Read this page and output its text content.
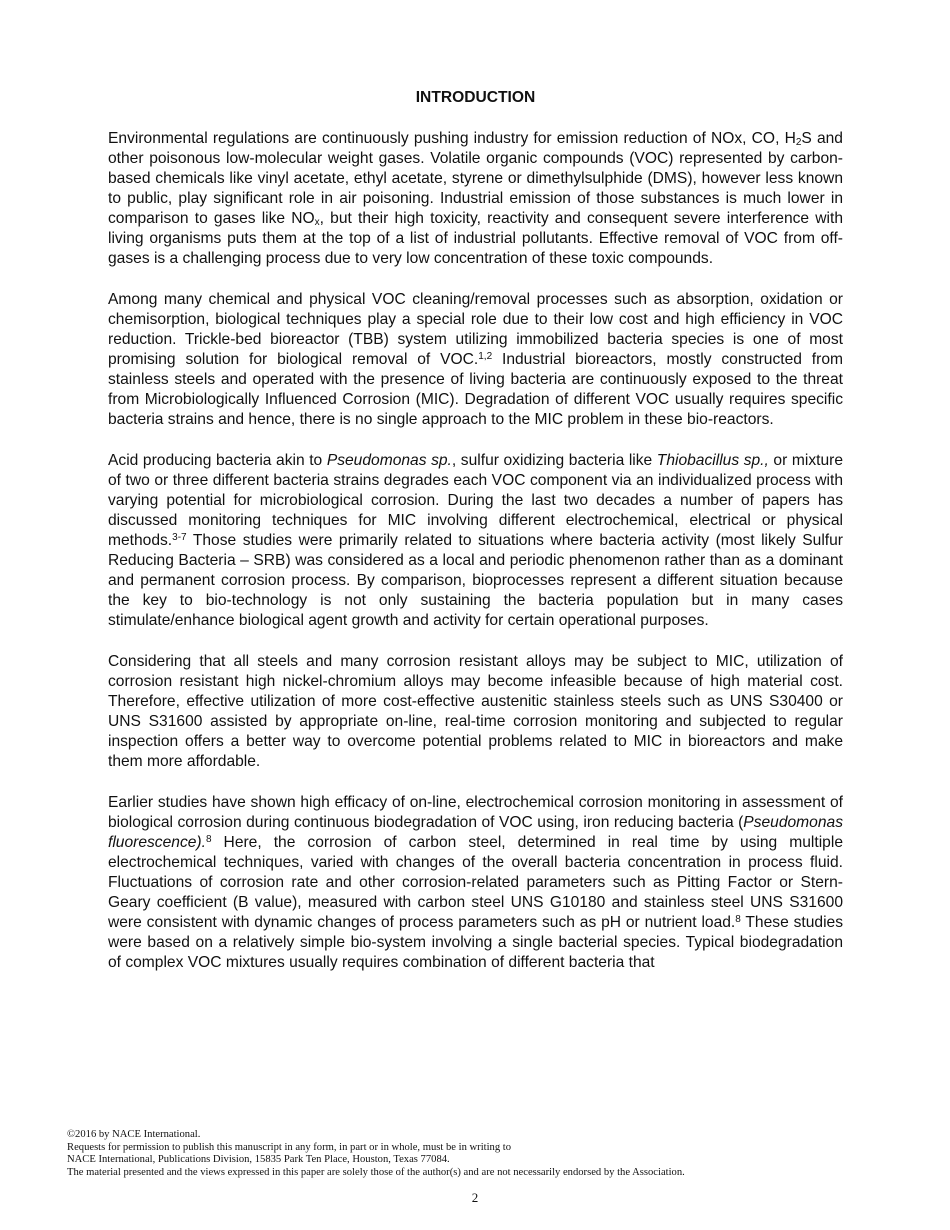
INTRODUCTION

Environmental regulations are continuously pushing industry for emission reduction of NOx, CO, $H_2S$ and other poisonous low-molecular weight gases. Volatile organic compounds (VOC) represented by carbon-based chemicals like vinyl acetate, ethyl acetate, styrene or dimethylsulphide (DMS), however less known to public, play significant role in air poisoning. Industrial emission of those substances is much lower in comparison to gases like $NO_x$, but their high toxicity, reactivity and consequent severe interference with living organisms puts them at the top of a list of industrial pollutants. Effective removal of VOC from off-gases is a challenging process due to very low concentration of these toxic compounds.

Among many chemical and physical VOC cleaning/removal processes such as absorption, oxidation or chemisorption, biological techniques play a special role due to their low cost and high efficiency in VOC reduction. Trickle-bed bioreactor (TBB) system utilizing immobilized bacteria species is one of most promising solution for biological removal of VOC.$^{1,2}$ Industrial bioreactors, mostly constructed from stainless steels and operated with the presence of living bacteria are continuously exposed to the threat from Microbiologically Influenced Corrosion (MIC). Degradation of different VOC usually requires specific bacteria strains and hence, there is no single approach to the MIC problem in these bio-reactors.

Acid producing bacteria akin to Pseudomonas sp., sulfur oxidizing bacteria like Thiobacillus sp., or mixture of two or three different bacteria strains degrades each VOC component via an individualized process with varying potential for microbiological corrosion. During the last two decades a number of papers has discussed monitoring techniques for MIC involving different electrochemical, electrical or physical methods.$^{3-7}$ Those studies were primarily related to situations where bacteria activity (most likely Sulfur Reducing Bacteria – SRB) was considered as a local and periodic phenomenon rather than as a dominant and permanent corrosion process. By comparison, bioprocesses represent a different situation because the key to bio-technology is not only sustaining the bacteria population but in many cases stimulate/enhance biological agent growth and activity for certain operational purposes.

Considering that all steels and many corrosion resistant alloys may be subject to MIC, utilization of corrosion resistant high nickel-chromium alloys may become infeasible because of high material cost. Therefore, effective utilization of more cost-effective austenitic stainless steels such as UNS S30400 or UNS S31600 assisted by appropriate on-line, real-time corrosion monitoring and subjected to regular inspection offers a better way to overcome potential problems related to MIC in bioreactors and make them more affordable.

Earlier studies have shown high efficacy of on-line, electrochemical corrosion monitoring in assessment of biological corrosion during continuous biodegradation of VOC using, iron reducing bacteria (Pseudomonas fluorescence).$^8$ Here, the corrosion of carbon steel, determined in real time by using multiple electrochemical techniques, varied with changes of the overall bacteria concentration in process fluid. Fluctuations of corrosion rate and other corrosion-related parameters such as Pitting Factor or Stern-Geary coefficient (B value), measured with carbon steel UNS G10180 and stainless steel UNS S31600 were consistent with dynamic changes of process parameters such as pH or nutrient load.$^8$ These studies were based on a relatively simple bio-system involving a single bacterial species. Typical biodegradation of complex VOC mixtures usually requires combination of different bacteria that

©2016 by NACE International.
Requests for permission to publish this manuscript in any form, in part or in whole, must be in writing to
NACE International, Publications Division, 15835 Park Ten Place, Houston, Texas 77084.
The material presented and the views expressed in this paper are solely those of the author(s) and are not necessarily endorsed by the Association.
2
